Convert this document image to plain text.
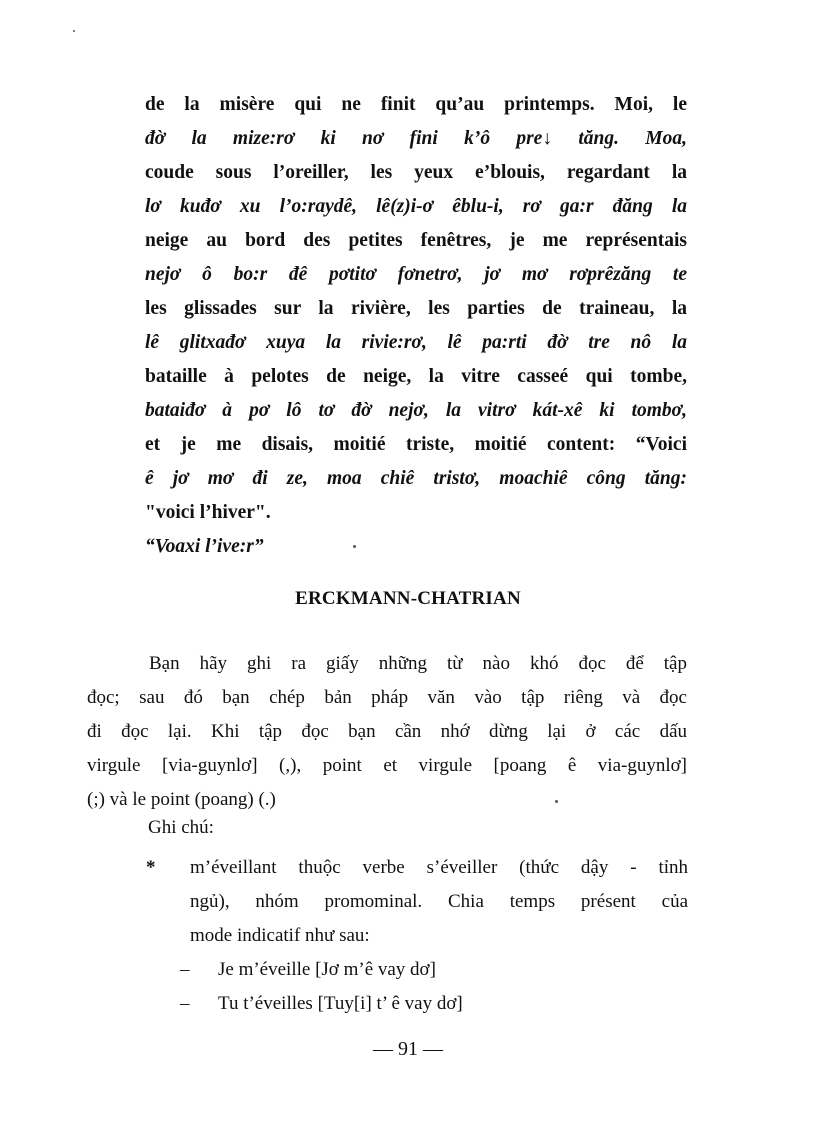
de la misère qui ne finit qu’au printemps. Moi, le
đờ la mize:rơ ki nơ fini k’ô pre↓ tăng. Moa,
coude sous l’oreiller, les yeux e’blouis, regardant la
lơ kuđơ xu l’o:raydê, lê(z)i-ơ êblu-i, rơ ga:r đăng la
neige au bord des petites fenêtres, je me représentais
nejơ ô bo:r đê pơtitơ fơnetrơ, jơ mơ rơprêzăng te
les glissades sur la rivière, les parties de traineau, la
lê glitxađơ xuya la rivie:rơ, lê pa:rti đờ tre nô la
bataille à pelotes de neige, la vitre casseé qui tombe,
bataiđơ à pơ lô tơ đờ nejơ, la vitrơ kát-xê ki tombơ,
et je me disais, moitié triste, moitié content: “Voici
ê jơ mơ đi ze, moa chiê tristơ, moachiê công tăng:
"voici l’hiver".
“Voaxi l’ive:r”
ERCKMANN-CHATRIAN
Bạn hãy ghi ra giấy những từ nào khó đọc để tập
đọc; sau đó bạn chép bản pháp văn vào tập riêng và đọc
đi đọc lại. Khi tập đọc bạn cần nhớ dừng lại ở các dấu
virgule [via-guynlơ] (,), point et virgule [poang ê via-guynlơ]
(;) và le point (poang) (.)
Ghi chú:
* m’éveillant thuộc verbe s’éveiller (thức dậy - tỉnh
ngủ), nhóm promominal. Chia temps présent của
mode indicatif như sau:
– Je m’éveille [Jơ m’ê vay dơ]
– Tu t’éveilles [Tuy[i] t’ ê vay dơ]
— 91 —
